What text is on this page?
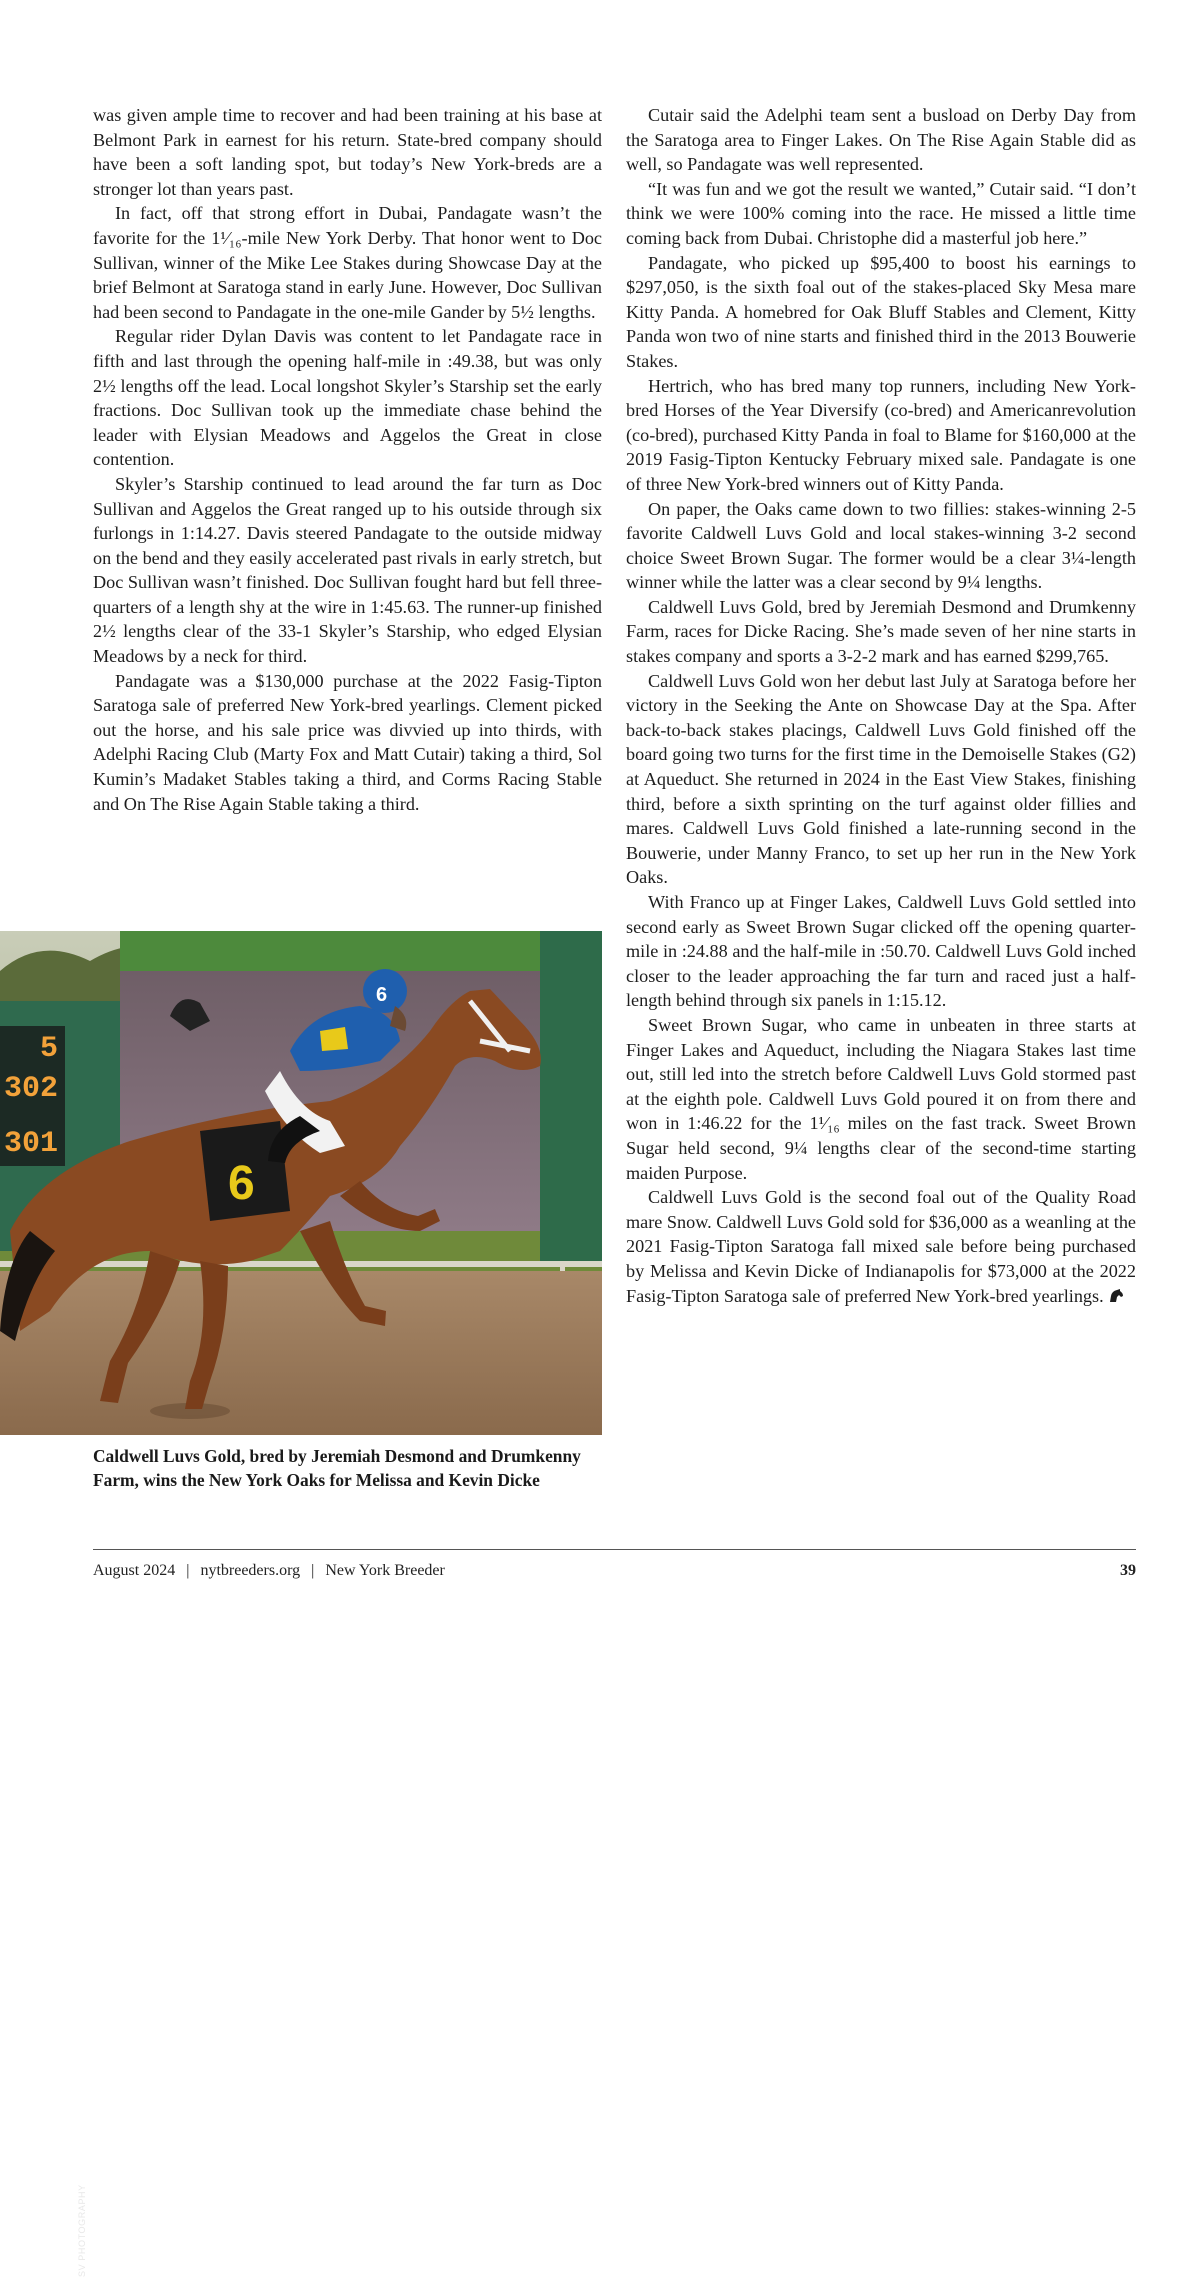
was given ample time to recover and had been training at his base at Belmont Park in earnest for his return. State-bred company should have been a soft landing spot, but today’s New York-breds are a stronger lot than years past.

In fact, off that strong effort in Dubai, Pandagate wasn’t the favorite for the 1¹⁄₁₆-mile New York Derby. That honor went to Doc Sullivan, winner of the Mike Lee Stakes during Showcase Day at the brief Belmont at Saratoga stand in early June. However, Doc Sullivan had been second to Pandagate in the one-mile Gander by 5½ lengths.

Regular rider Dylan Davis was content to let Pandagate race in fifth and last through the opening half-mile in :49.38, but was only 2½ lengths off the lead. Local longshot Skyler’s Starship set the early fractions. Doc Sullivan took up the immediate chase behind the leader with Elysian Meadows and Aggelos the Great in close contention.

Skyler’s Starship continued to lead around the far turn as Doc Sullivan and Aggelos the Great ranged up to his outside through six furlongs in 1:14.27. Davis steered Pandagate to the outside midway on the bend and they easily accelerated past rivals in early stretch, but Doc Sullivan wasn’t finished. Doc Sullivan fought hard but fell three-quarters of a length shy at the wire in 1:45.63. The runner-up finished 2½ lengths clear of the 33-1 Skyler’s Starship, who edged Elysian Meadows by a neck for third.

Pandagate was a $130,000 purchase at the 2022 Fasig-Tipton Saratoga sale of preferred New York-bred yearlings. Clement picked out the horse, and his sale price was divvied up into thirds, with Adelphi Racing Club (Marty Fox and Matt Cutair) taking a third, Sol Kumin’s Madaket Stables taking a third, and Corms Racing Stable and On The Rise Again Stable taking a third.

Cutair said the Adelphi team sent a busload on Derby Day from the Saratoga area to Finger Lakes. On The Rise Again Stable did as well, so Pandagate was well represented.

“It was fun and we got the result we wanted,” Cutair said. “I don’t think we were 100% coming into the race. He missed a little time coming back from Dubai. Christophe did a masterful job here.”

Pandagate, who picked up $95,400 to boost his earnings to $297,050, is the sixth foal out of the stakes-placed Sky Mesa mare Kitty Panda. A homebred for Oak Bluff Stables and Clement, Kitty Panda won two of nine starts and finished third in the 2013 Bouwerie Stakes.

Hertrich, who has bred many top runners, including New York-bred Horses of the Year Diversify (co-bred) and Americanrevolution (co-bred), purchased Kitty Panda in foal to Blame for $160,000 at the 2019 Fasig-Tipton Kentucky February mixed sale. Pandagate is one of three New York-bred winners out of Kitty Panda.

On paper, the Oaks came down to two fillies: stakes-winning 2-5 favorite Caldwell Luvs Gold and local stakes-winning 3-2 second choice Sweet Brown Sugar. The former would be a clear 3¼-length winner while the latter was a clear second by 9¼ lengths.

Caldwell Luvs Gold, bred by Jeremiah Desmond and Drumkenny Farm, races for Dicke Racing. She’s made seven of her nine starts in stakes company and sports a 3-2-2 mark and has earned $299,765.

Caldwell Luvs Gold won her debut last July at Saratoga before her victory in the Seeking the Ante on Showcase Day at the Spa. After back-to-back stakes placings, Caldwell Luvs Gold finished off the board going two turns for the first time in the Demoiselle Stakes (G2) at Aqueduct. She returned in 2024 in the East View Stakes, finishing third, before a sixth sprinting on the turf against older fillies and mares. Caldwell Luvs Gold finished a late-running second in the Bouwerie, under Manny Franco, to set up her run in the New York Oaks.

With Franco up at Finger Lakes, Caldwell Luvs Gold settled into second early as Sweet Brown Sugar clicked off the opening quarter-mile in :24.88 and the half-mile in :50.70. Caldwell Luvs Gold inched closer to the leader approaching the far turn and raced just a half-length behind through six panels in 1:15.12.

Sweet Brown Sugar, who came in unbeaten in three starts at Finger Lakes and Aqueduct, including the Niagara Stakes last time out, still led into the stretch before Caldwell Luvs Gold stormed past at the eighth pole. Caldwell Luvs Gold poured it on from there and won in 1:46.22 for the 1¹⁄₁₆ miles on the fast track. Sweet Brown Sugar held second, 9¼ lengths clear of the second-time starting maiden Purpose.

Caldwell Luvs Gold is the second foal out of the Quality Road mare Snow. Caldwell Luvs Gold sold for $36,000 as a weanling at the 2021 Fasig-Tipton Saratoga fall mixed sale before being purchased by Melissa and Kevin Dicke of Indianapolis for $73,000 at the 2022 Fasig-Tipton Saratoga sale of preferred New York-bred yearlings.

5
302
301
6
6
SV PHOTOGRAPHY
Caldwell Luvs Gold, bred by Jeremiah Desmond and Drumkenny Farm, wins the New York Oaks for Melissa and Kevin Dicke
August 2024 | nytbreeders.org | New York Breeder	39
